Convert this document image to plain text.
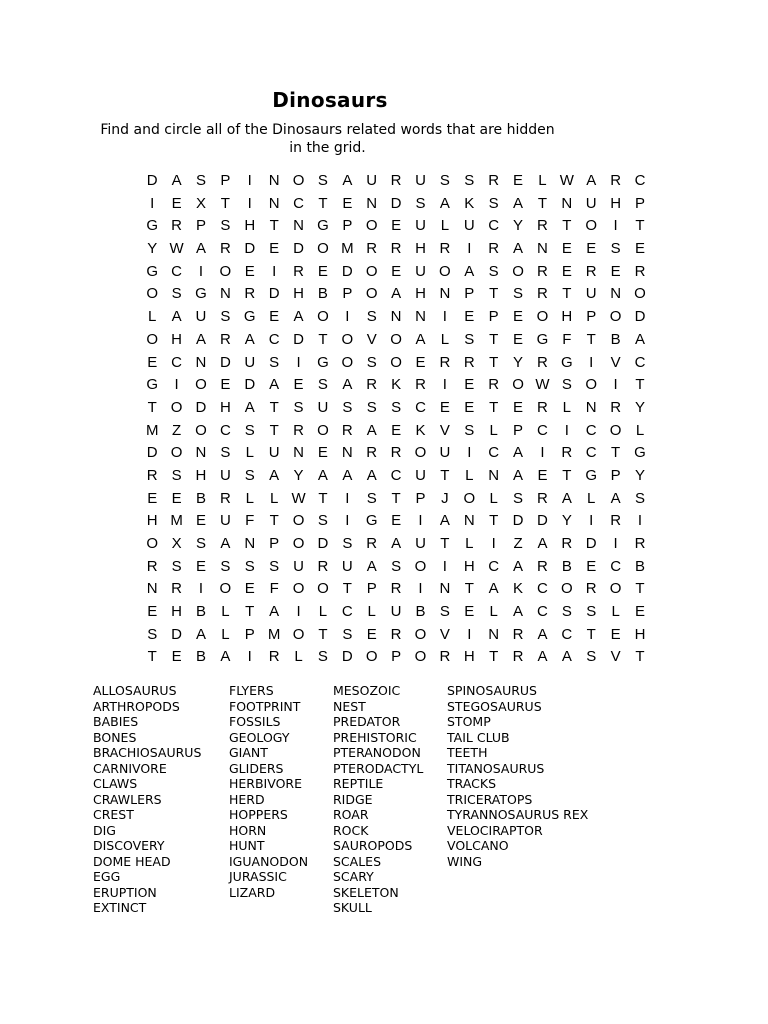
Dinosaurs

Find and circle all of the Dinosaurs related words that are hidden in the grid.

D A S P	I	N O S A U R U S S R E	L W A R C
I	E X T	I	N C T E N D S A K S A T N U H P
G R P S H T N G P O E U L U C Y R T O	I	T
Y W A R D E D O M R R H R	I	R A N E E S E
G C	I	O E	I	R E D O E U O A S O R E R E R
O S G N R D H B P O A H N P T S R T U N O
L	A U S G E A O	I	S N N	I	E P E O H P O D
O H A R A C D T O V O A	L	S T E G F	T B A
E C N D U S	I	G O S O E R R T Y R G	I	V C
G	I	O E D A E S A R K R	I	E R O W S O	I	T
T O D H A T S U S S S C E E T E R L N R Y
M Z O C S T R O R A E K V S	L	P C	I	C O L
D O N S	L U N E N R R O U	I	C A	I	R C T G
R S H U S A Y A A A C U T	L N A E T G P Y
E E B R L	L W T	I	S T P	J O L	S R A	L	A S
H M E U F	T O S	I	G E	I	A N T D D Y	I	R	I
O X S A N P O D S R A U T	L	I	Z A R D	I	R
R S E S S S U R U A S O	I	H C A R B E C B
N R	I	O E F O O T P R	I	N T A K C O R O T
E H B	L	T A	I	L C L U B S E	L	A C S S	L	E
S D A	L	P M O T S E R O V	I	N R A C T E H
T E B A	I	R L	S D O P O R H T R A A S V T
ALLOSAURUS
ARTHROPODS
BABIES
BONES
BRACHIOSAURUS
CARNIVORE
CLAWS
CRAWLERS
CREST
DIG
DISCOVERY
DOME HEAD
EGG
ERUPTION
EXTINCT
FLYERS
FOOTPRINT
FOSSILS
GEOLOGY
GIANT
GLIDERS
HERBIVORE
HERD
HOPPERS
HORN
HUNT
IGUANODON
JURASSIC
LIZARD
MESOZOIC
NEST
PREDATOR
PREHISTORIC
PTERANODON
PTERODACTYL
REPTILE
RIDGE
ROAR
ROCK
SAUROPODS
SCALES
SCARY
SKELETON
SKULL
SPINOSAURUS
STEGOSAURUS
STOMP
TAIL CLUB
TEETH
TITANOSAURUS
TRACKS
TRICERATOPS
TYRANNOSAURUS REX
VELOCIRAPTOR
VOLCANO
WING
